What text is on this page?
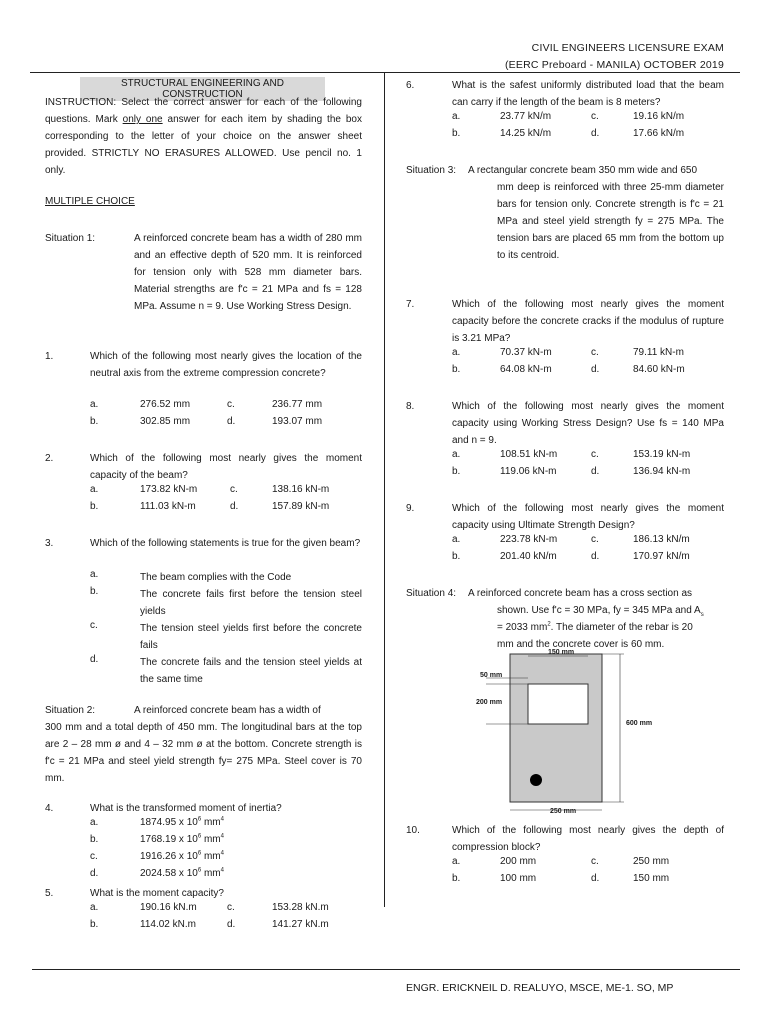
CIVIL ENGINEERS LICENSURE EXAM
(EERC Preboard - MANILA) OCTOBER 2019
STRUCTURAL ENGINEERING AND CONSTRUCTION
INSTRUCTION: Select the correct answer for each of the following questions. Mark only one answer for each item by shading the box corresponding to the letter of your choice on the answer sheet provided. STRICTLY NO ERASURES ALLOWED. Use pencil no. 1 only.
MULTIPLE CHOICE
Situation 1:	A reinforced concrete beam has a width of 280 mm and an effective depth of 520 mm. It is reinforced for tension only with 528 mm diameter bars. Material strengths are f'c = 21 MPa and fs = 128 MPa. Assume n = 9. Use Working Stress Design.
1.	Which of the following most nearly gives the location of the neutral axis from the extreme compression concrete?
a.	276.52 mm	c.	236.77 mm
b.	302.85 mm	d.	193.07 mm
2.	Which of the following most nearly gives the moment capacity of the beam?
a.	173.82 kN-m	c.	138.16 kN-m
b.	111.03 kN-m	d.	157.89 kN-m
3.	Which of the following statements is true for the given beam?
a.	The beam complies with the Code
b.	The concrete fails first before the tension steel yields
c.	The tension steel yields first before the concrete fails
d.	The concrete fails and the tension steel yields at the same time
Situation 2:	A reinforced concrete beam has a width of
300 mm and a total depth of 450 mm. The longitudinal bars at the top are 2 – 28 mm ø and 4 – 32 mm ø at the bottom. Concrete strength is f'c = 21 MPa and steel yield strength fy= 275 MPa. Steel cover is 70 mm.
4.	What is the transformed moment of inertia?
a.	1874.95 x $10^6$ $mm^4$
b.	1768.19 x $10^6$ $mm^4$
c.	1916.26 x $10^6$ $mm^4$
d.	2024.58 x $10^6$ $mm^4$
5.	What is the moment capacity?
a.	190.16 kN.m	c.	153.28 kN.m
b.	114.02 kN.m	d.	141.27 kN.m
6.	What is the safest uniformly distributed load that the beam can carry if the length of the beam is 8 meters?
a.	23.77 kN/m	c.	19.16 kN/m
b.	14.25 kN/m	d.	17.66 kN/m
Situation 3: A rectangular concrete beam 350 mm wide and 650
mm deep is reinforced with three 25-mm diameter bars for tension only. Concrete strength is f'c = 21 MPa and steel yield strength fy = 275 MPa. The tension bars are placed 65 mm from the bottom up to its centroid.
7.	Which of the following most nearly gives the moment capacity before the concrete cracks if the modulus of rupture is 3.21 MPa?
a.	70.37 kN-m	c.	79.11 kN-m
b.	64.08 kN-m	d.	84.60 kN-m
8.	Which of the following most nearly gives the moment capacity using Working Stress Design? Use fs = 140 MPa and n = 9.
a.	108.51 kN-m	c.	153.19 kN-m
b.	119.06 kN-m	d.	136.94 kN-m
9.	Which of the following most nearly gives the moment capacity using Ultimate Strength Design?
a.	223.78 kN-m	c.	186.13 kN/m
b.	201.40 kN/m	d.	170.97 kN/m
Situation 4: A reinforced concrete beam has a cross section as
shown. Use f'c = 30 MPa, fy = 345 MPa and $A_s$
= 2033 $mm^2$. The diameter of the rebar is 20
mm and the concrete cover is 60 mm.
150 mm
50 mm
200 mm
600 mm
250 mm
10.	Which of the following most nearly gives the depth of compression block?
a.	200 mm	c.	250 mm
b.	100 mm	d.	150 mm
ENGR. ERICKNEIL D. REALUYO, MSCE, ME-1. SO, MP
